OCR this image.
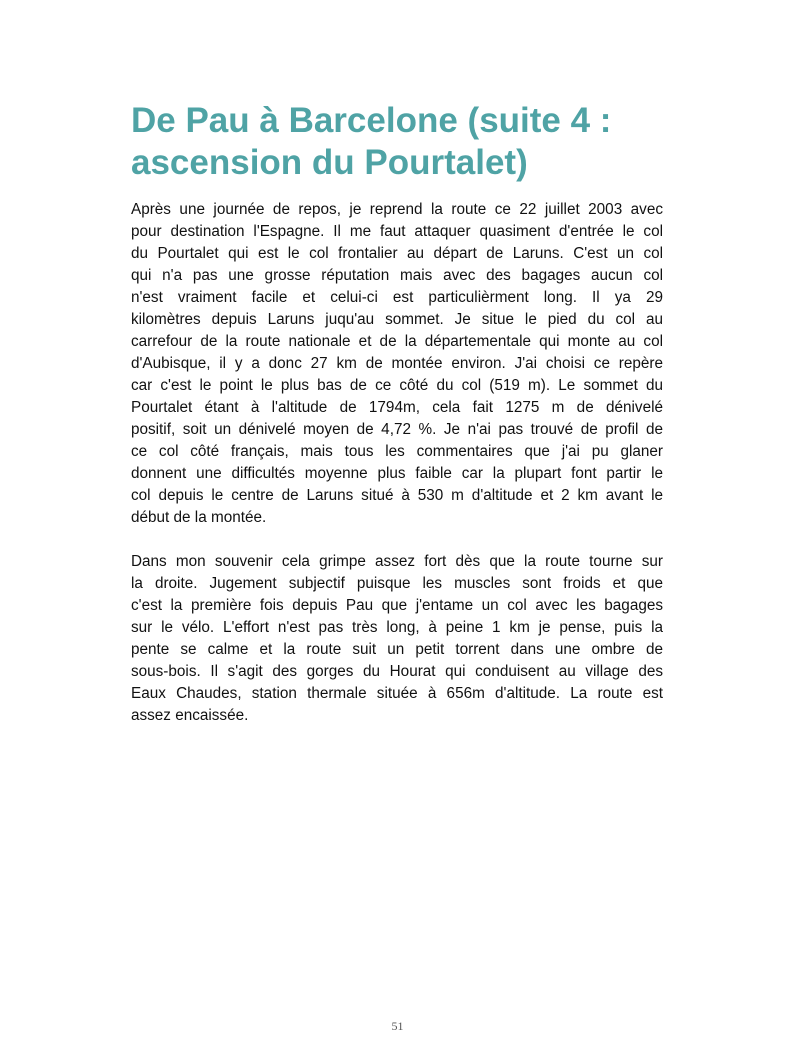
De Pau à Barcelone (suite 4 :
ascension du Pourtalet)
Après une journée de repos, je reprend la route ce 22 juillet 2003 avec
pour destination l'Espagne. Il me faut attaquer quasiment d'entrée le col
du Pourtalet qui est le col frontalier au départ de Laruns. C'est un col
qui n'a pas une grosse réputation mais avec des bagages aucun col
n'est vraiment facile et celui-ci est particulièrment long. Il ya 29
kilomètres depuis Laruns juqu'au sommet. Je situe le pied du col au
carrefour de la route nationale et de la départementale qui monte au col
d'Aubisque, il y a donc 27 km de montée environ. J'ai choisi ce repère
car c'est le point le plus bas de ce côté du col (519 m). Le sommet du
Pourtalet étant à l'altitude de 1794m, cela fait 1275 m de dénivelé
positif, soit un dénivelé moyen de 4,72 %. Je n'ai pas trouvé de profil de
ce col côté français, mais tous les commentaires que j'ai pu glaner
donnent une difficultés moyenne plus faible car la plupart font partir le
col depuis le centre de Laruns situé à 530 m d'altitude et 2 km avant le
début de la montée.
Dans mon souvenir cela grimpe assez fort dès que la route tourne sur
la droite. Jugement subjectif puisque les muscles sont froids et que
c'est la première fois depuis Pau que j'entame un col avec les bagages
sur le vélo. L'effort n'est pas très long, à peine 1 km je pense, puis la
pente se calme et la route suit un petit torrent dans une ombre de
sous-bois. Il s'agit des gorges du Hourat qui conduisent au village des
Eaux Chaudes, station thermale située à 656m d'altitude. La route est
assez encaissée.
51
